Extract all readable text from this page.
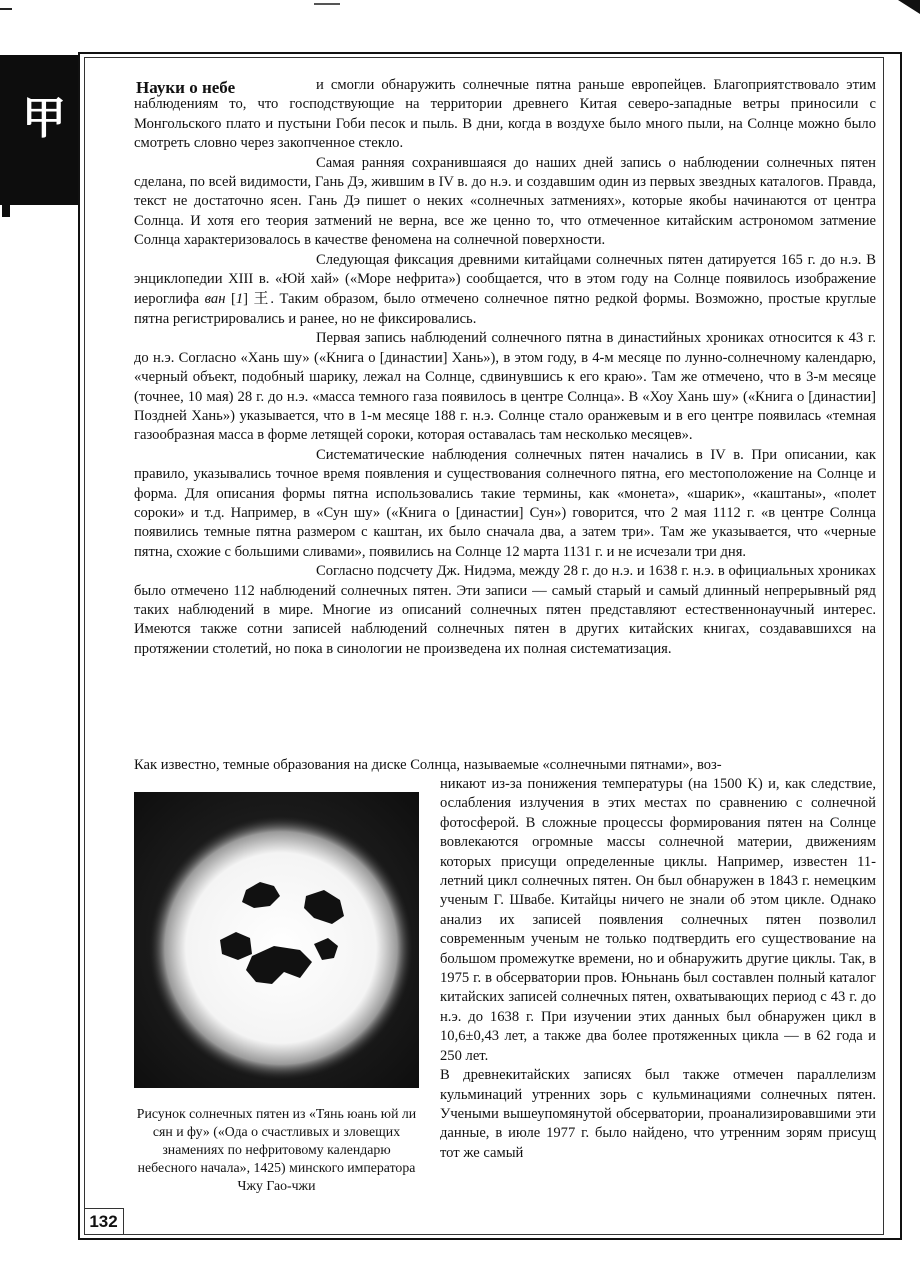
甲
Науки о небе	и смогли обнаружить солнечные пятна раньше европейцев. Благоприятствовало этим наблюдениям то, что господствующие на территории древнего Китая северо-западные ветры приносили с Монгольского плато и пустыни Гоби песок и пыль. В дни, когда в воздухе было много пыли, на Солнце можно было смотреть словно через закопченное стекло.
Самая ранняя сохранившаяся до наших дней запись о наблюдении солнечных пятен сделана, по всей видимости, Гань Дэ, жившим в IV в. до н.э. и создавшим один из первых звездных каталогов. Правда, текст не достаточно ясен. Гань Дэ пишет о неких «солнечных затмениях», которые якобы начинаются от центра Солнца. И хотя его теория затмений не верна, все же ценно то, что отмеченное китайским астрономом затмение Солнца характеризовалось в качестве феномена на солнечной поверхности.
Следующая фиксация древними китайцами солнечных пятен датируется 165 г. до н.э. В энциклопедии XIII в. «Юй хай» («Море нефрита») сообщается, что в этом году на Солнце появилось изображение иероглифа ван [1] 王. Таким образом, было отмечено солнечное пятно редкой формы. Возможно, простые круглые пятна регистрировались и ранее, но не фиксировались.
Первая запись наблюдений солнечного пятна в династийных хрониках относится к 43 г. до н.э. Согласно «Хань шу» («Книга о [династии] Хань»), в этом году, в 4-м месяце по лунно-солнечному календарю, «черный объект, подобный шарику, лежал на Солнце, сдвинувшись к его краю». Там же отмечено, что в 3-м месяце (точнее, 10 мая) 28 г. до н.э. «масса темного газа появилось в центре Солнца». В «Хоу Хань шу» («Книга о [династии] Поздней Хань») указывается, что в 1-м месяце 188 г. н.э. Солнце стало оранжевым и в его центре появилась «темная газообразная масса в форме летящей сороки, которая оставалась там несколько месяцев».
Систематические наблюдения солнечных пятен начались в IV в. При описании, как правило, указывались точное время появления и существования солнечного пятна, его местоположение на Солнце и форма. Для описания формы пятна использовались такие термины, как «монета», «шарик», «каштаны», «полет сороки» и т.д. Например, в «Сун шу» («Книга о [династии] Сун») говорится, что 2 мая 1112 г. «в центре Солнца появились темные пятна размером с каштан, их было сначала два, а затем три». Там же указывается, что «черные пятна, схожие с большими сливами», появились на Солнце 12 марта 1131 г. и не исчезали три дня.
Согласно подсчету Дж. Нидэма, между 28 г. до н.э. и 1638 г. н.э. в официальных хрониках было отмечено 112 наблюдений солнечных пятен. Эти записи — самый старый и самый длинный непрерывный ряд таких наблюдений в мире. Многие из описаний солнечных пятен представляют естественнонаучный интерес. Имеются также сотни записей наблюдений солнечных пятен в других китайских книгах, создававшихся на протяжении столетий, но пока в синологии не произведена их полная систематизация.

Как известно, темные образования на диске Солнца, называемые «солнечными пятнами», воз-

никают из-за понижения температуры (на 1500 K) и, как следствие, ослабления излучения в этих местах по сравнению с солнечной фотосферой. В сложные процессы формирования пятен на Солнце вовлекаются огромные массы солнечной материи, движениям которых присущи определенные циклы. Например, известен 11-летний цикл солнечных пятен. Он был обнаружен в 1843 г. немецким ученым Г. Швабе. Китайцы ничего не знали об этом цикле. Однако анализ их записей появления солнечных пятен позволил современным ученым не только подтвердить его существование на большом промежутке времени, но и обнаружить другие циклы. Так, в 1975 г. в обсерватории пров. Юньнань был составлен полный каталог китайских записей солнечных пятен, охватывающих период с 43 г. до н.э. до 1638 г. При изучении этих данных был обнаружен цикл в 10,6±0,43 лет, а также два более протяженных цикла — в 62 года и 250 лет.
В древнекитайских записях был также отмечен параллелизм кульминаций утренних зорь с кульминациями солнечных пятен. Учеными вышеупомянутой обсерватории, проанализировавшими эти данные, в июле 1977 г. было найдено, что утренним зорям присущ тот же самый

Рисунок солнечных пятен из «Тянь юань юй ли сян и фу» («Ода о счастливых и зловещих знамениях по нефритовому календарю небесного начала», 1425) минского императора Чжу Гао-чжи

132
